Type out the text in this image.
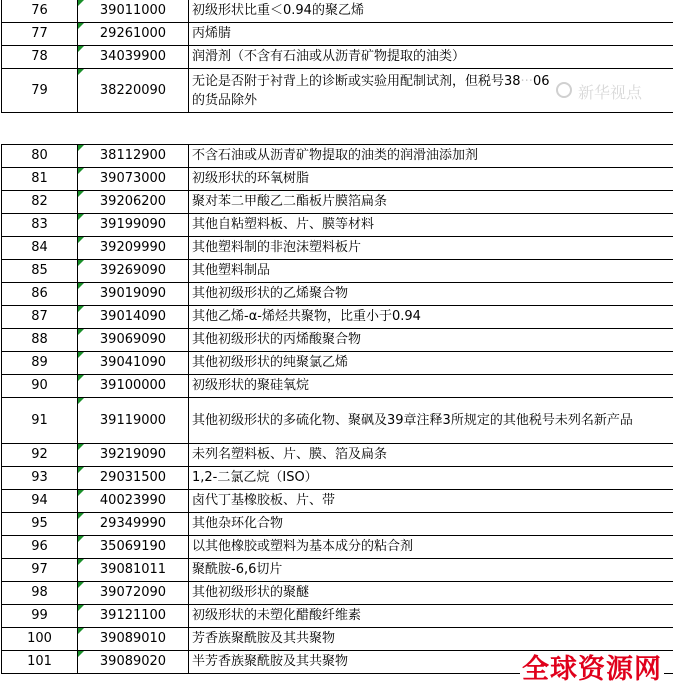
76	39011000	初级形状比重＜0.94的聚乙烯
77	29261000	丙烯腈
78	34039900	润滑剂（不含有石油或从沥青矿物提取的油类）
79	38220090	无论是否附于衬背上的诊断或实验用配制试剂，但税号38···06
的货品除外	新华视点
80	38112900	不含石油或从沥青矿物提取的油类的润滑油添加剂
81	39073000	初级形状的环氧树脂
82	39206200	聚对苯二甲酸乙二酯板片膜箔扁条
83	39199090	其他自粘塑料板、片、膜等材料
84	39209990	其他塑料制的非泡沫塑料板片
85	39269090	其他塑料制品
86	39019090	其他初级形状的乙烯聚合物
87	39014090	其他乙烯-α-烯烃共聚物，比重小于0.94
88	39069090	其他初级形状的丙烯酸聚合物
89	39041090	其他初级形状的纯聚氯乙烯
90	39100000	初级形状的聚硅氧烷
91	39119000	其他初级形状的多硫化物、聚砜及39章注释3所规定的其他税号未列名新产品
92	39219090	未列名塑料板、片、膜、箔及扁条
93	29031500	1,2-二氯乙烷（ISO）
94	40023990	卤代丁基橡胶板、片、带
95	29349990	其他杂环化合物
96	35069190	以其他橡胶或塑料为基本成分的粘合剂
97	39081011	聚酰胺-6,6切片
98	39072090	其他初级形状的聚醚
99	39121100	初级形状的未塑化醋酸纤维素
100	39089010	芳香族聚酰胺及其共聚物
101	39089020	半芳香族聚酰胺及其共聚物	全球资源网
